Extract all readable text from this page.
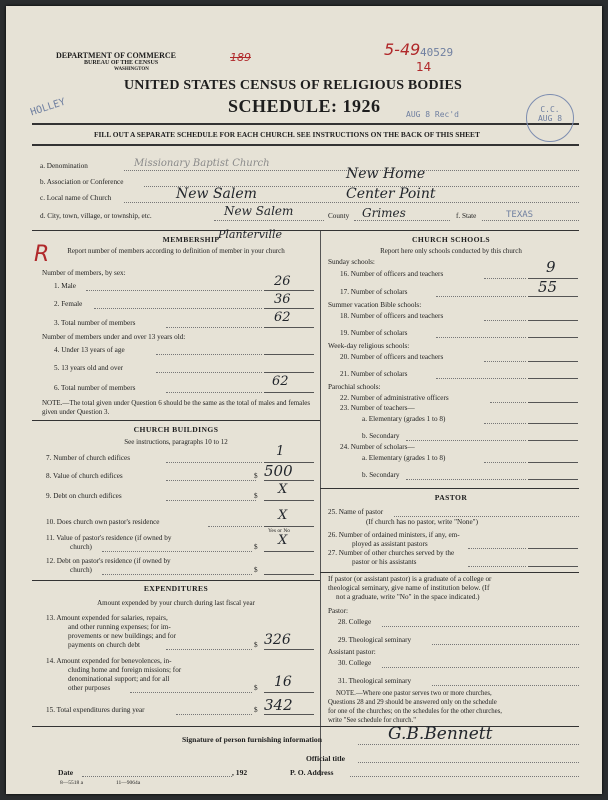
DEPARTMENT OF COMMERCE
BUREAU OF THE CENSUS
WASHINGTON
UNITED STATES CENSUS OF RELIGIOUS BODIES
SCHEDULE: 1926
FILL OUT A SEPARATE SCHEDULE FOR EACH CHURCH. SEE INSTRUCTIONS ON THE BACK OF THIS SHEET
189	40529
5-49
14
HOLLEY	AUG 8 Rec'd
C.C.
AUG 8
R
a. Denomination	Missionary Baptist Church
b. Association or Conference	New Home
c. Local name of Church	New Salem	Center Point
d. City, town, village, or township, etc.	New Salem	County Grimes	f. State	TEXAS
MEMBERSHIP
Planterville
Report number of members according to definition of member in your church
Number of members, by sex:
1. Male	26
2. Female	36
3. Total number of members	62
Number of members under and over 13 years old:
4. Under 13 years of age
5. 13 years old and over
6. Total number of members	62
NOTE.—The total given under Question 6 should be the same as the total of males and females given under Question 3.
CHURCH BUILDINGS
See instructions, paragraphs 10 to 12
7. Number of church edifices	1
8. Value of church edifices	$ 500
9. Debt on church edifices	$ X
10. Does church own pastor's residence	X
Yes or No
11. Value of pastor's residence (if owned by
church)	$ X
12. Debt on pastor's residence (if owned by
church)	$
EXPENDITURES
Amount expended by your church during last fiscal year
13. Amount expended for salaries, repairs,
and other running expenses; for im-
provements or new buildings; and for
payments on church debt	$ 326
14. Amount expended for benevolences, in-
cluding home and foreign missions; for
denominational support; and for all
other purposes	$ 16
15. Total expenditures during year	$ 342
CHURCH SCHOOLS
Report here only schools conducted by this church
Sunday schools:
16. Number of officers and teachers	9
17. Number of scholars	55
Summer vacation Bible schools:
18. Number of officers and teachers
19. Number of scholars
Week-day religious schools:
20. Number of officers and teachers
21. Number of scholars
Parochial schools:
22. Number of administrative officers
23. Number of teachers—
a. Elementary (grades 1 to 8)
b. Secondary
24. Number of scholars—
a. Elementary (grades 1 to 8)
b. Secondary
PASTOR
25. Name of pastor
(If church has no pastor, write "None")
26. Number of ordained ministers, if any, em-
ployed as assistant pastors
27. Number of other churches served by the
pastor or his assistants
If pastor (or assistant pastor) is a graduate of a college or
theological seminary, give name of institution below. (If
not a graduate, write "No" in the space indicated.)
Pastor:
28. College
29. Theological seminary
Assistant pastor:
30. College
31. Theological seminary
NOTE.—Where one pastor serves two or more churches,
Questions 28 and 29 should be answered only on the schedule
for one of the churches; on the schedules for the other churches,
write "See schedule for church."
Signature of person furnishing information	G.B.Bennett
Official title
Date	, 192	P. O. Address
8—5518 a	11—9064a
